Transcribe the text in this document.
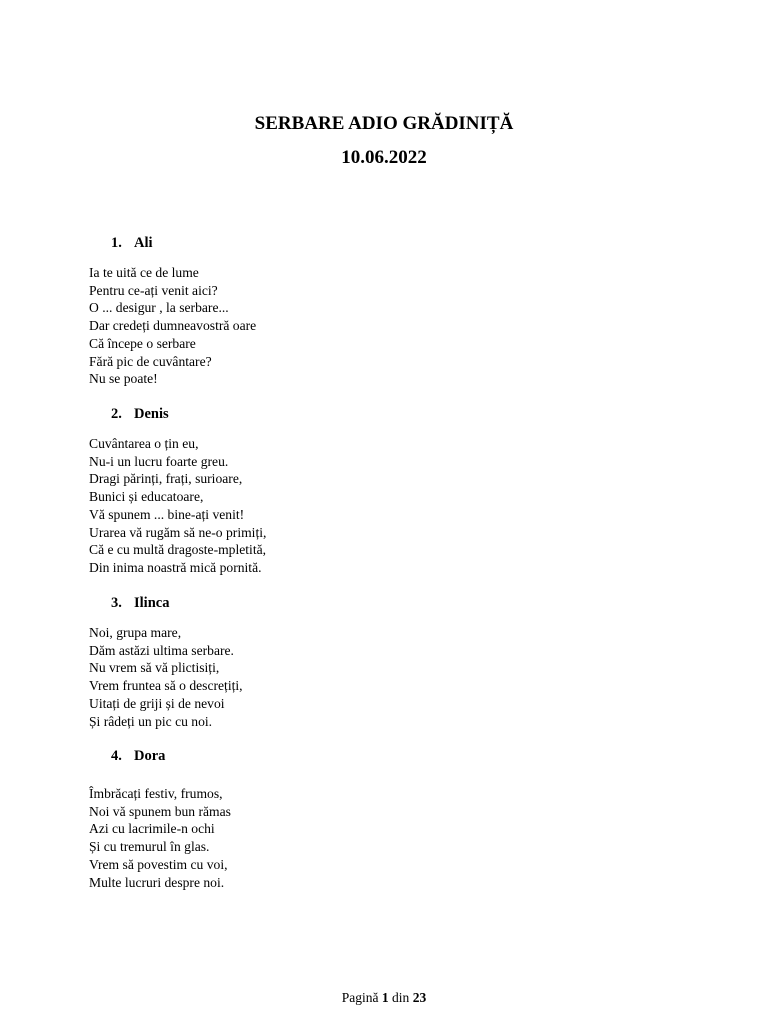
SERBARE ADIO GRĂDINIȚĂ
10.06.2022
1. Ali
Ia te uită ce de lume
Pentru ce-ați venit aici?
O ... desigur , la serbare...
Dar credeți dumneavostră oare
Că începe o serbare
Fără pic de cuvântare?
Nu se poate!
2. Denis
Cuvântarea o țin eu,
Nu-i un lucru foarte greu.
Dragi părinți, frați, surioare,
Bunici și educatoare,
Vă spunem ... bine-ați venit!
Urarea vă rugăm să ne-o primiți,
Că e cu multă dragoste-mpletită,
Din inima noastră mică pornită.
3. Ilinca
Noi, grupa mare,
Dăm astăzi ultima serbare.
Nu vrem să vă plictisiți,
Vrem fruntea să o descrețiți,
Uitați de griji și de nevoi
Și râdeți un pic cu noi.
4. Dora
Îmbrăcați festiv, frumos,
Noi vă spunem bun rămas
Azi cu lacrimile-n ochi
Și cu tremurul în glas.
Vrem să povestim cu voi,
Multe lucruri despre noi.
Pagină 1 din 23
